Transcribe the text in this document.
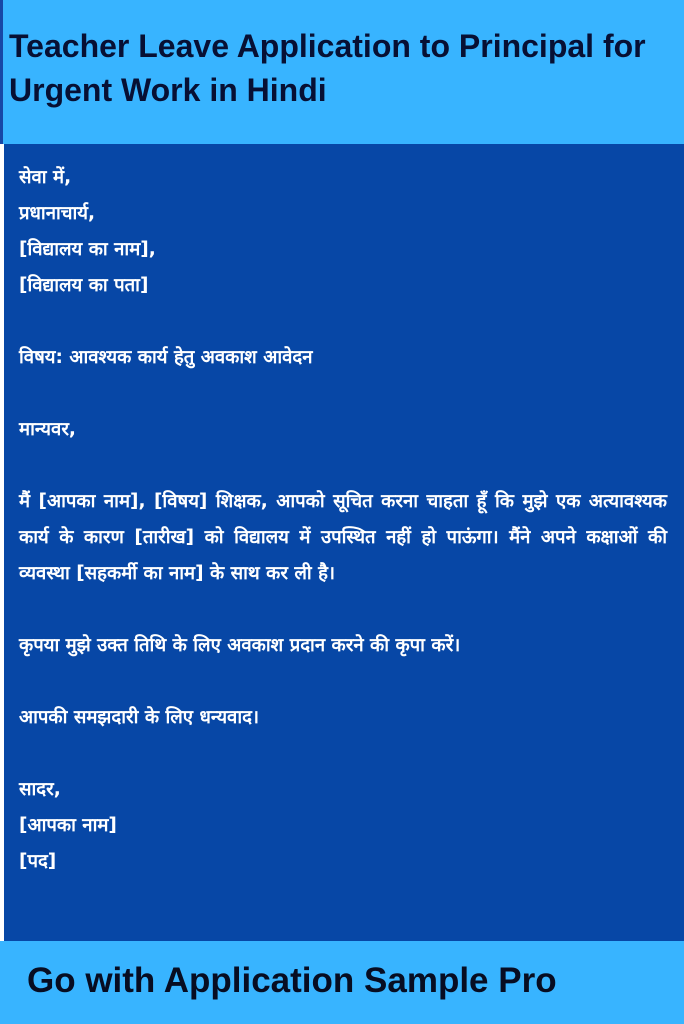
Teacher Leave Application to Principal for Urgent Work in Hindi
सेवा में,
प्रधानाचार्य,
[विद्यालय का नाम],
[विद्यालय का पता]
विषय: आवश्यक कार्य हेतु अवकाश आवेदन
मान्यवर,
मैं [आपका नाम], [विषय] शिक्षक, आपको सूचित करना चाहता हूँ कि मुझे एक अत्यावश्यक कार्य के कारण [तारीख] को विद्यालय में उपस्थित नहीं हो पाऊंगा। मैंने अपने कक्षाओं की व्यवस्था [सहकर्मी का नाम] के साथ कर ली है।
कृपया मुझे उक्त तिथि के लिए अवकाश प्रदान करने की कृपा करें।
आपकी समझदारी के लिए धन्यवाद।
सादर,
[आपका नाम]
[पद]
Go with Application Sample Pro
